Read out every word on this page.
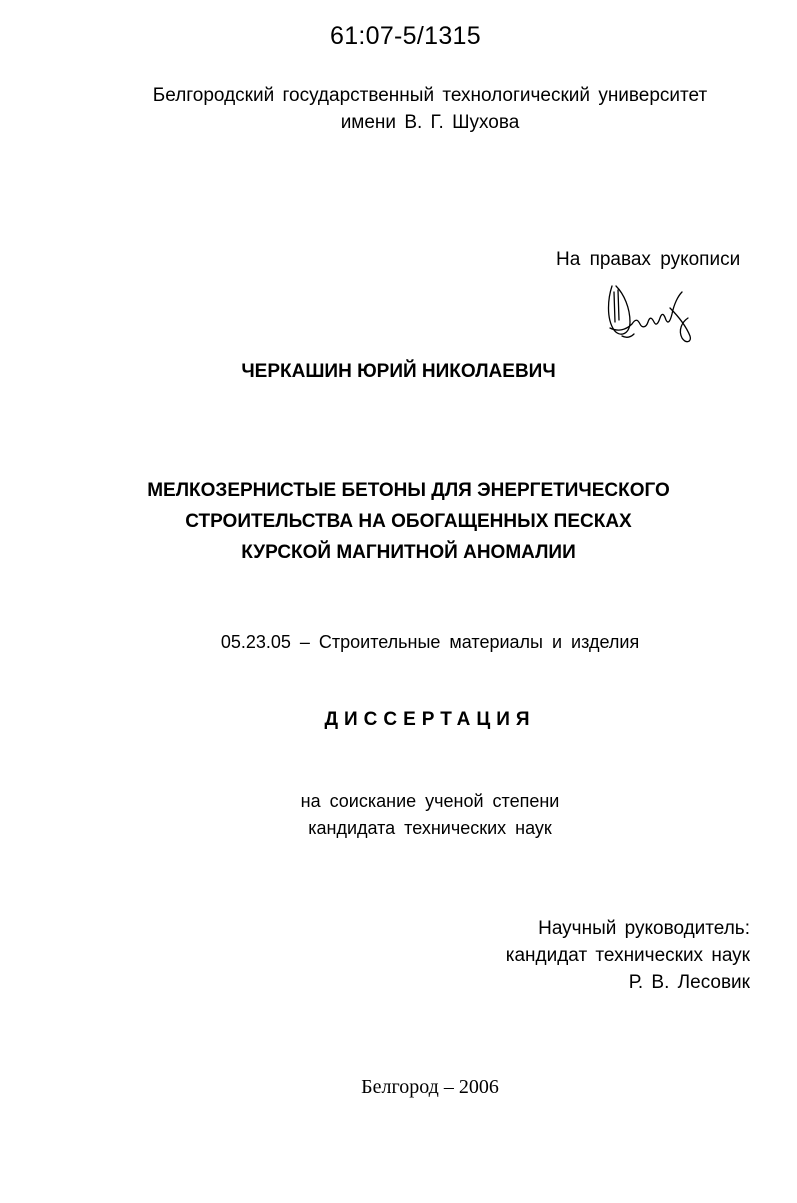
61:07-5/1315
Белгородский государственный технологический университет
имени В. Г. Шухова
На правах рукописи
ЧЕРКАШИН ЮРИЙ НИКОЛАЕВИЧ
МЕЛКОЗЕРНИСТЫЕ БЕТОНЫ ДЛЯ ЭНЕРГЕТИЧЕСКОГО
СТРОИТЕЛЬСТВА НА ОБОГАЩЕННЫХ ПЕСКАХ
КУРСКОЙ МАГНИТНОЙ АНОМАЛИИ
05.23.05 – Строительные материалы и изделия
ДИССЕРТАЦИЯ
на соискание ученой степени
кандидата технических наук
Научный руководитель:
кандидат технических наук
Р. В. Лесовик
Белгород – 2006
